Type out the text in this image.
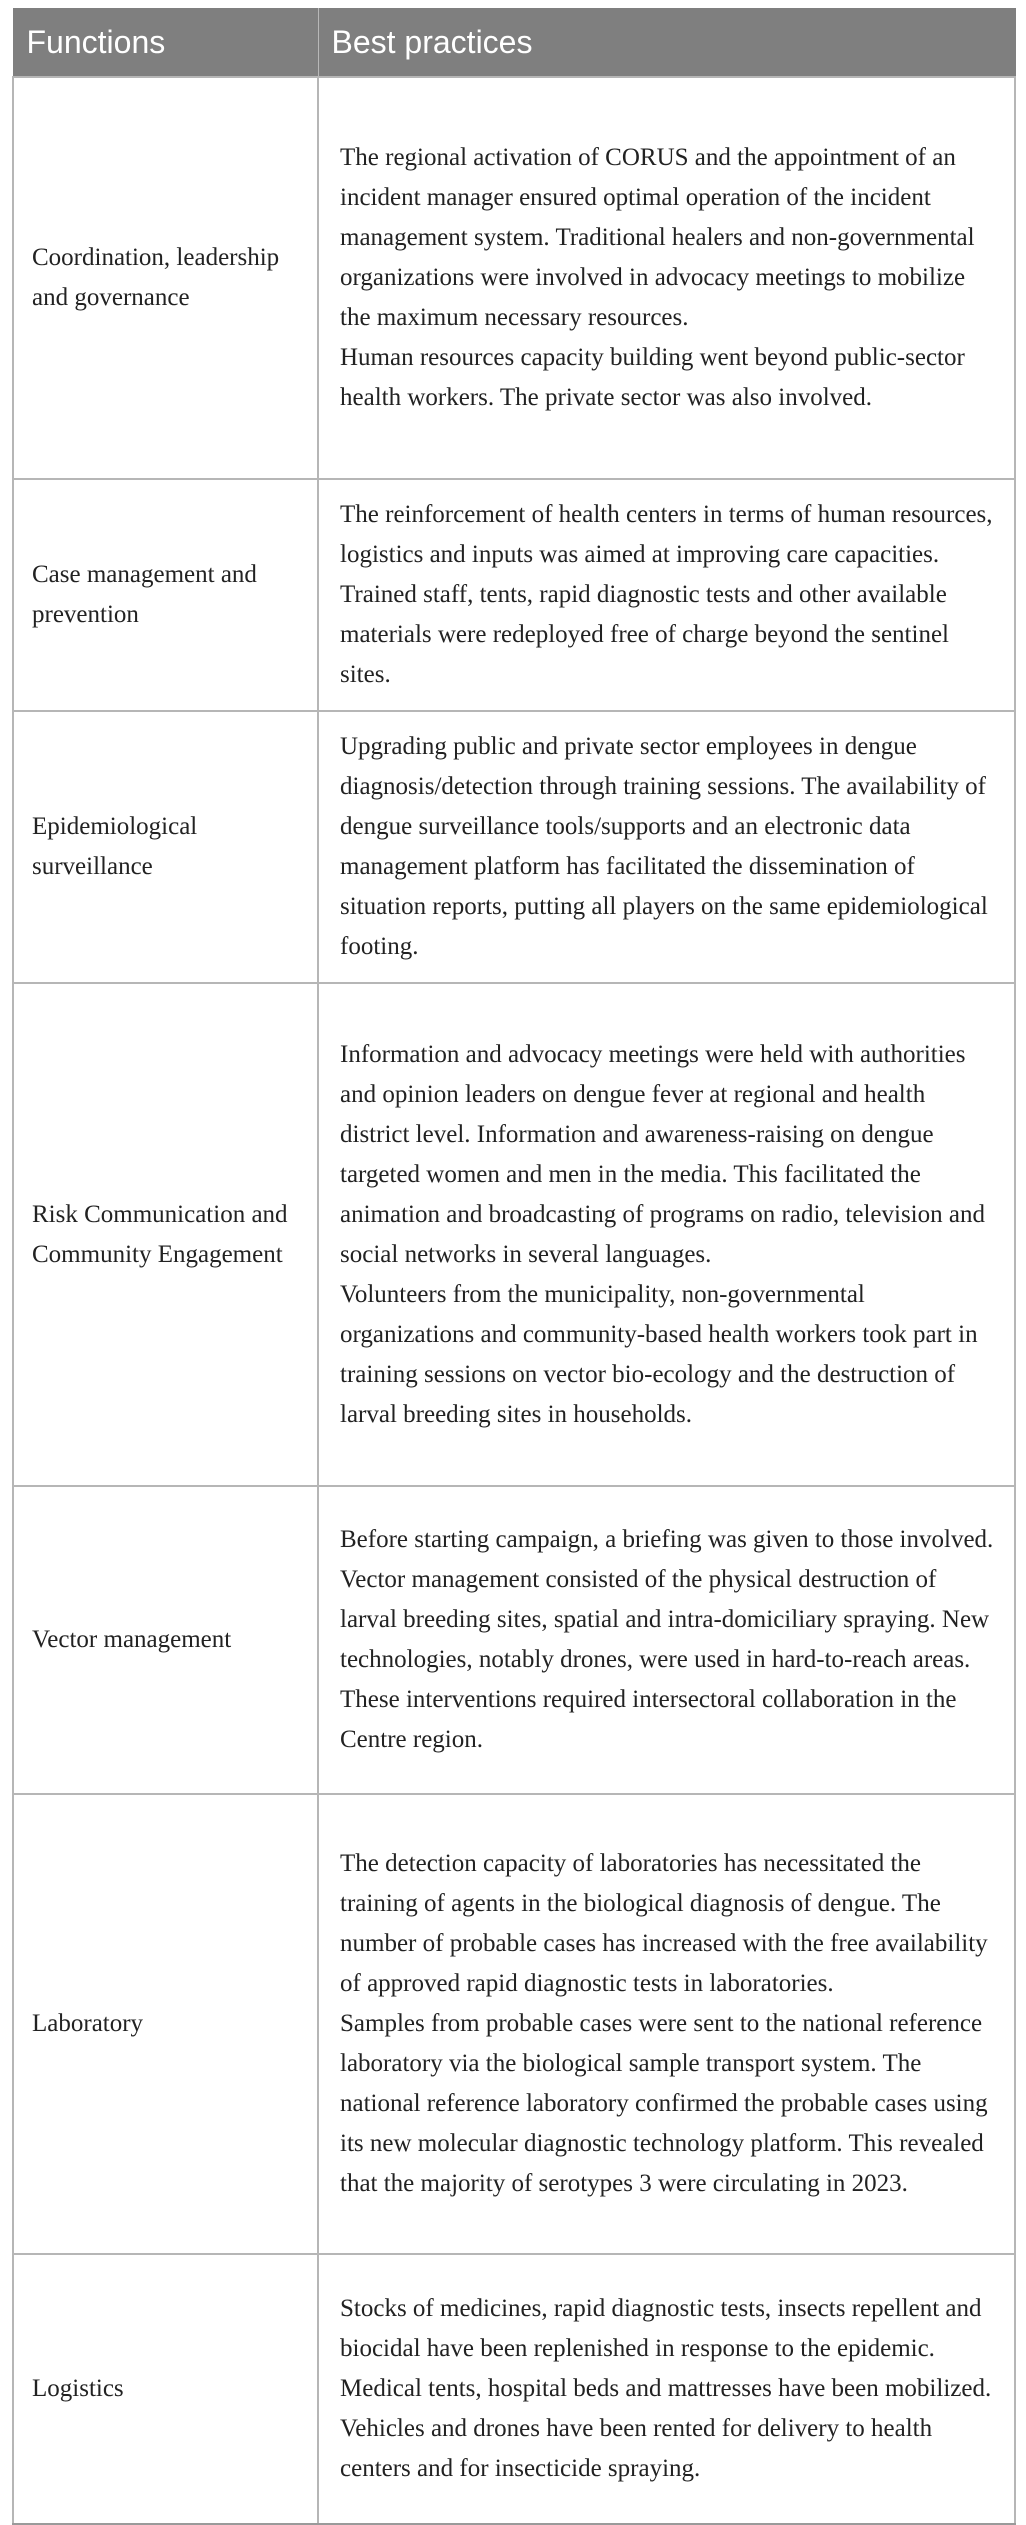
Functions	Best practices
Coordination, leadership and governance	The regional activation of CORUS and the appointment of an incident manager ensured optimal operation of the incident management system. Traditional healers and non-governmental organizations were involved in advocacy meetings to mobilize the maximum necessary resources.
Human resources capacity building went beyond public-sector health workers. The private sector was also involved.

Case management and prevention	The reinforcement of health centers in terms of human resources, logistics and inputs was aimed at improving care capacities. Trained staff, tents, rapid diagnostic tests and other available materials were redeployed free of charge beyond the sentinel sites.

Epidemiological surveillance	Upgrading public and private sector employees in dengue diagnosis/detection through training sessions. The availability of dengue surveillance tools/supports and an electronic data management platform has facilitated the dissemination of situation reports, putting all players on the same epidemiological footing.

Risk Communication and Community Engagement	Information and advocacy meetings were held with authorities and opinion leaders on dengue fever at regional and health district level. Information and awareness-raising on dengue targeted women and men in the media. This facilitated the animation and broadcasting of programs on radio, television and social networks in several languages.
Volunteers from the municipality, non-governmental organizations and community-based health workers took part in training sessions on vector bio-ecology and the destruction of larval breeding sites in households.

Vector management	Before starting campaign, a briefing was given to those involved. Vector management consisted of the physical destruction of larval breeding sites, spatial and intra-domiciliary spraying. New technologies, notably drones, were used in hard-to-reach areas.
These interventions required intersectoral collaboration in the Centre region.

Laboratory	The detection capacity of laboratories has necessitated the training of agents in the biological diagnosis of dengue. The number of probable cases has increased with the free availability of approved rapid diagnostic tests in laboratories.
Samples from probable cases were sent to the national reference laboratory via the biological sample transport system. The national reference laboratory confirmed the probable cases using its new molecular diagnostic technology platform. This revealed that the majority of serotypes 3 were circulating in 2023.

Logistics	Stocks of medicines, rapid diagnostic tests, insects repellent and biocidal have been replenished in response to the epidemic. Medical tents, hospital beds and mattresses have been mobilized.
Vehicles and drones have been rented for delivery to health centers and for insecticide spraying.
